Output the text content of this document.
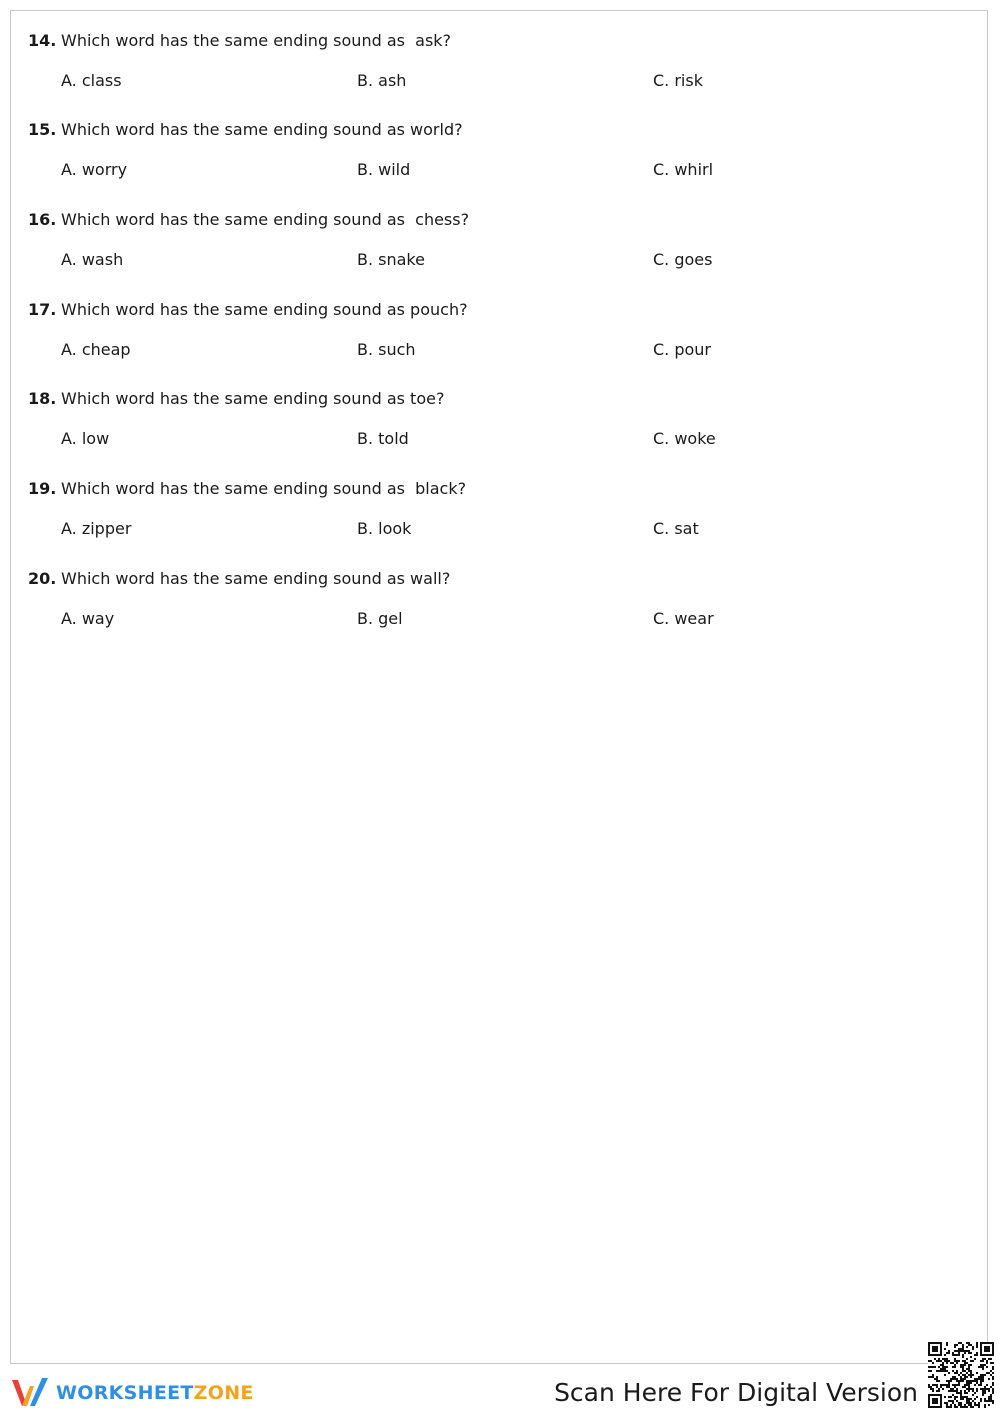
14. Which word has the same ending sound as  ask?
A. class	B. ash	C. risk
15. Which word has the same ending sound as world?
A. worry	B. wild	C. whirl
16. Which word has the same ending sound as  chess?
A. wash	B. snake	C. goes
17. Which word has the same ending sound as pouch?
A. cheap	B. such	C. pour
18. Which word has the same ending sound as toe?
A. low	B. told	C. woke
19. Which word has the same ending sound as  black?
A. zipper	B. look	C. sat
20. Which word has the same ending sound as wall?
A. way	B. gel	C. wear
WORKSHEETZONE	Scan Here For Digital Version
